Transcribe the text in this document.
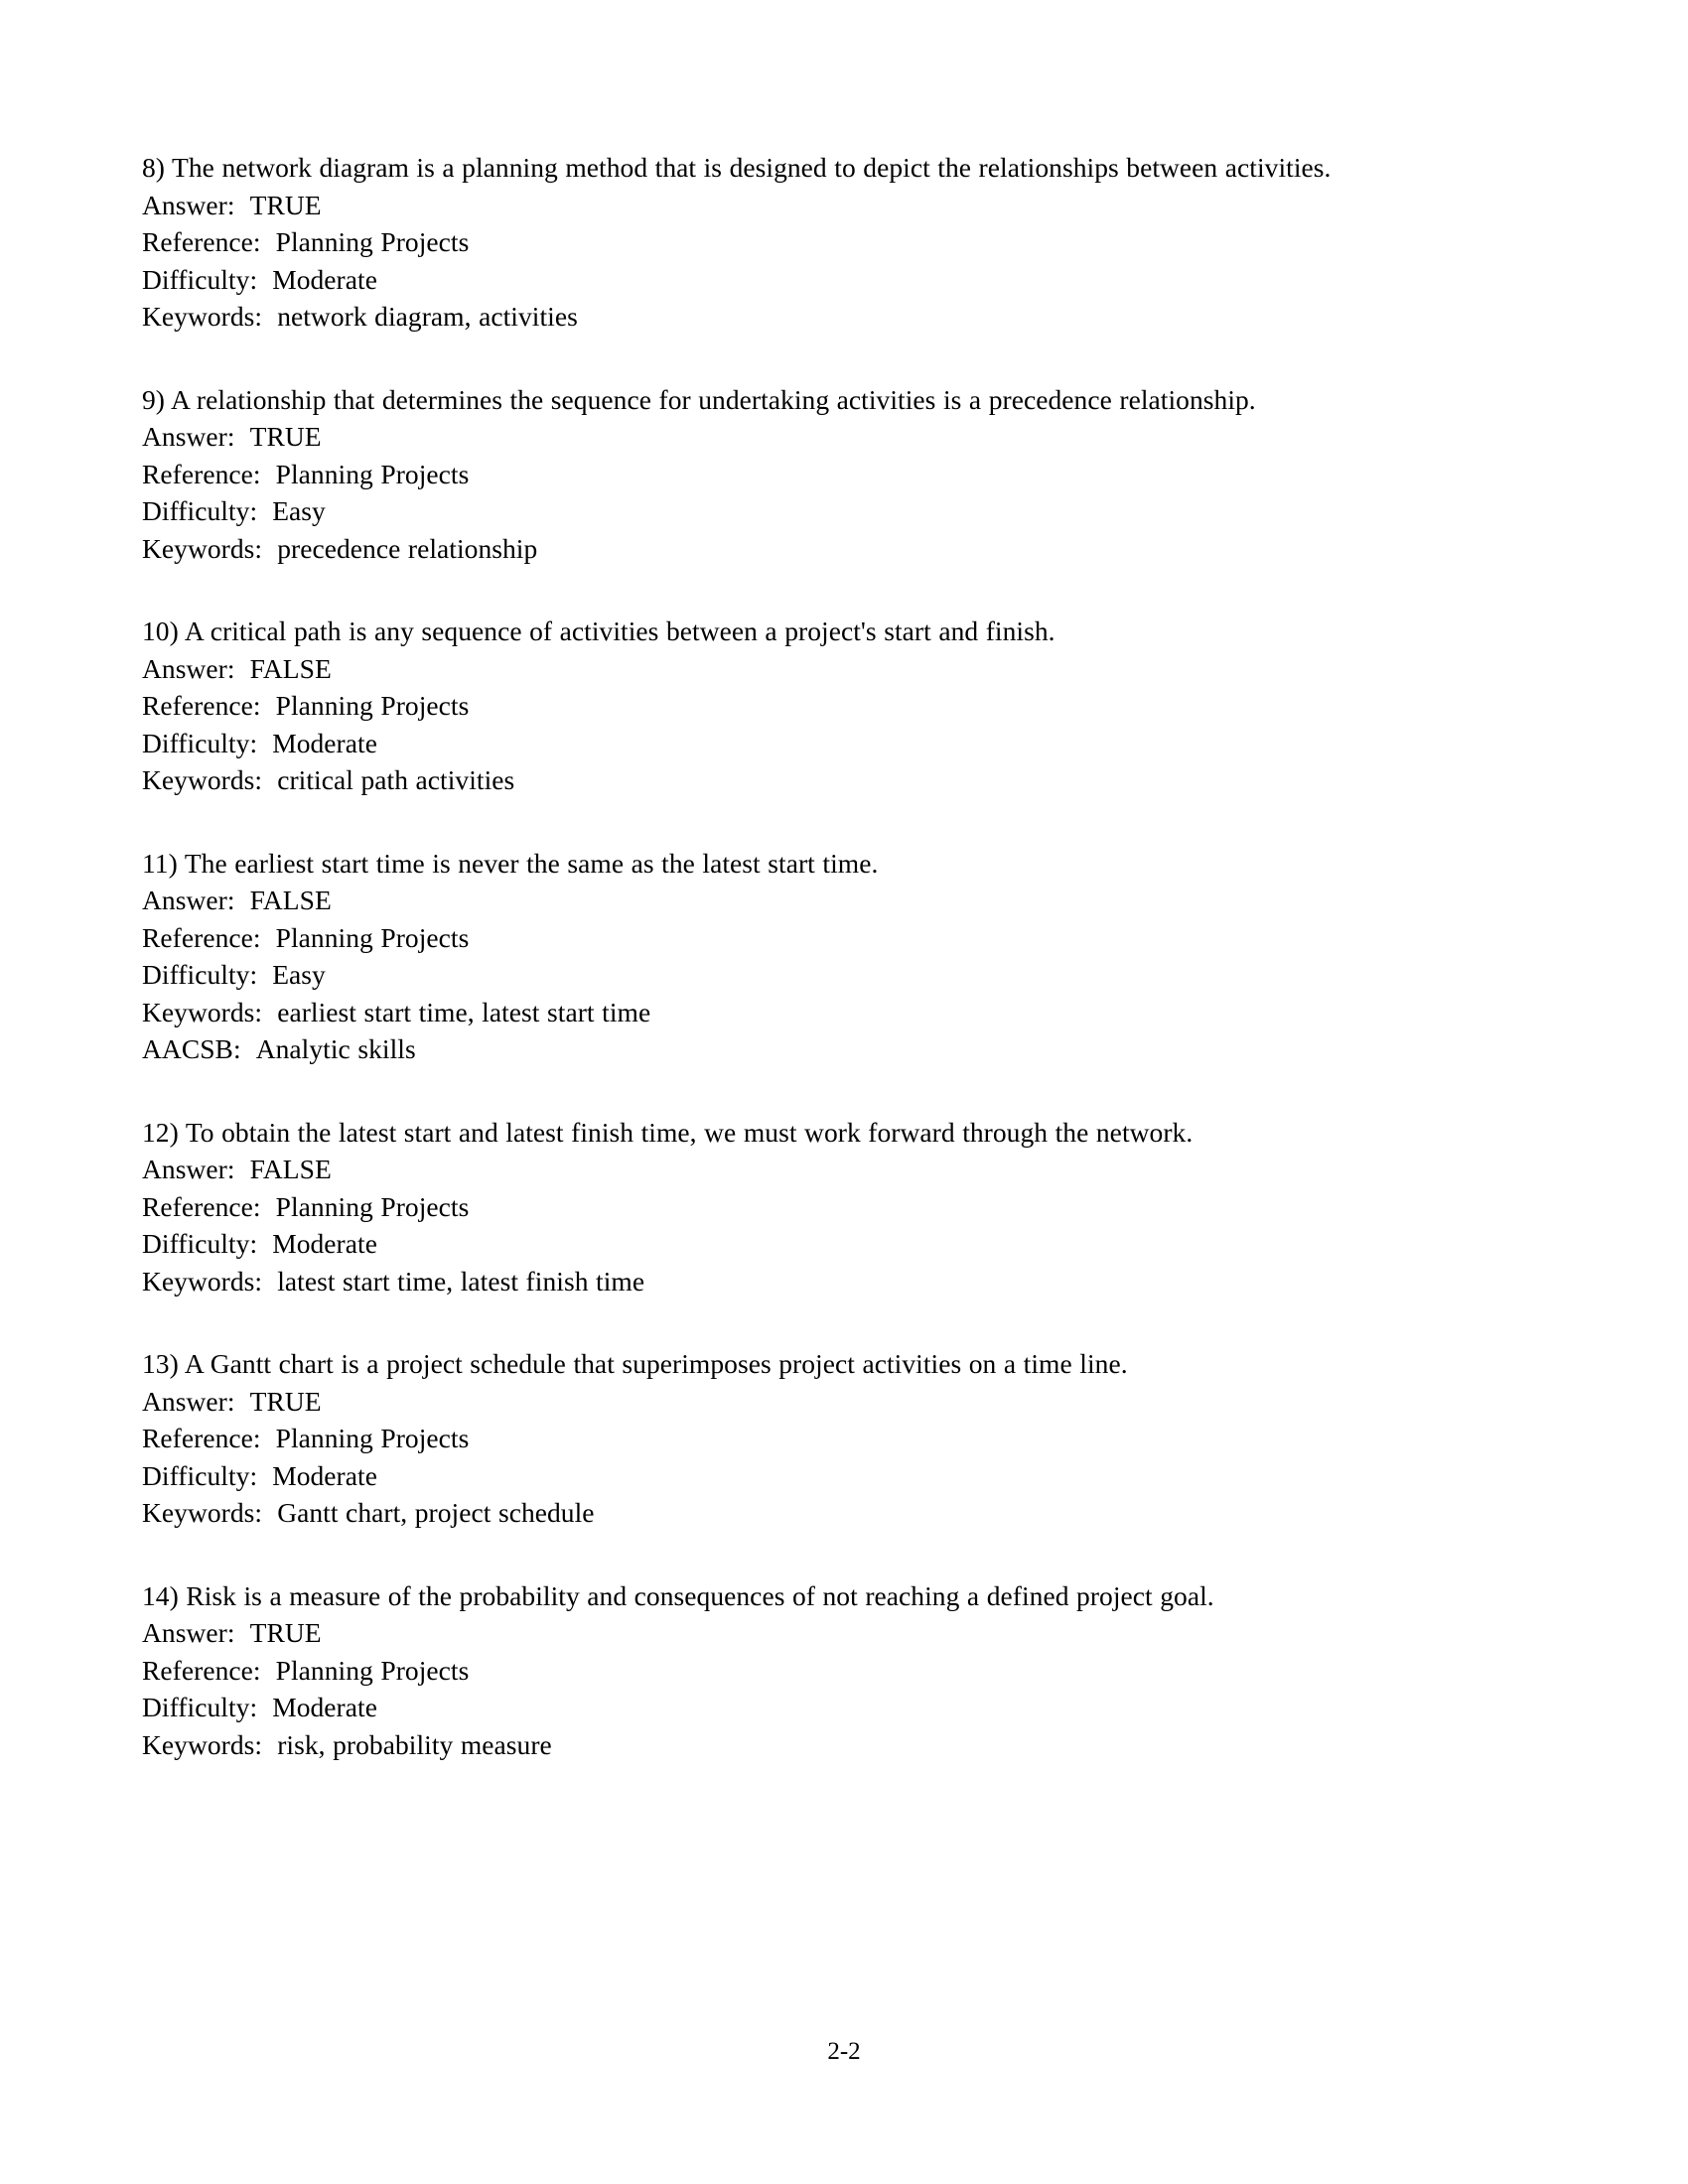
8) The network diagram is a planning method that is designed to depict the relationships between activities.

Answer: TRUE
Reference: Planning Projects
Difficulty: Moderate
Keywords: network diagram, activities

9) A relationship that determines the sequence for undertaking activities is a precedence relationship.

Answer: TRUE
Reference: Planning Projects
Difficulty: Easy
Keywords: precedence relationship

10) A critical path is any sequence of activities between a project's start and finish.

Answer: FALSE
Reference: Planning Projects
Difficulty: Moderate
Keywords: critical path activities

11) The earliest start time is never the same as the latest start time.

Answer: FALSE
Reference: Planning Projects
Difficulty: Easy
Keywords: earliest start time, latest start time
AACSB: Analytic skills

12) To obtain the latest start and latest finish time, we must work forward through the network.

Answer: FALSE
Reference: Planning Projects
Difficulty: Moderate
Keywords: latest start time, latest finish time

13) A Gantt chart is a project schedule that superimposes project activities on a time line.

Answer: TRUE
Reference: Planning Projects
Difficulty: Moderate
Keywords: Gantt chart, project schedule

14) Risk is a measure of the probability and consequences of not reaching a defined project goal.

Answer: TRUE
Reference: Planning Projects
Difficulty: Moderate
Keywords: risk, probability measure
2-2
